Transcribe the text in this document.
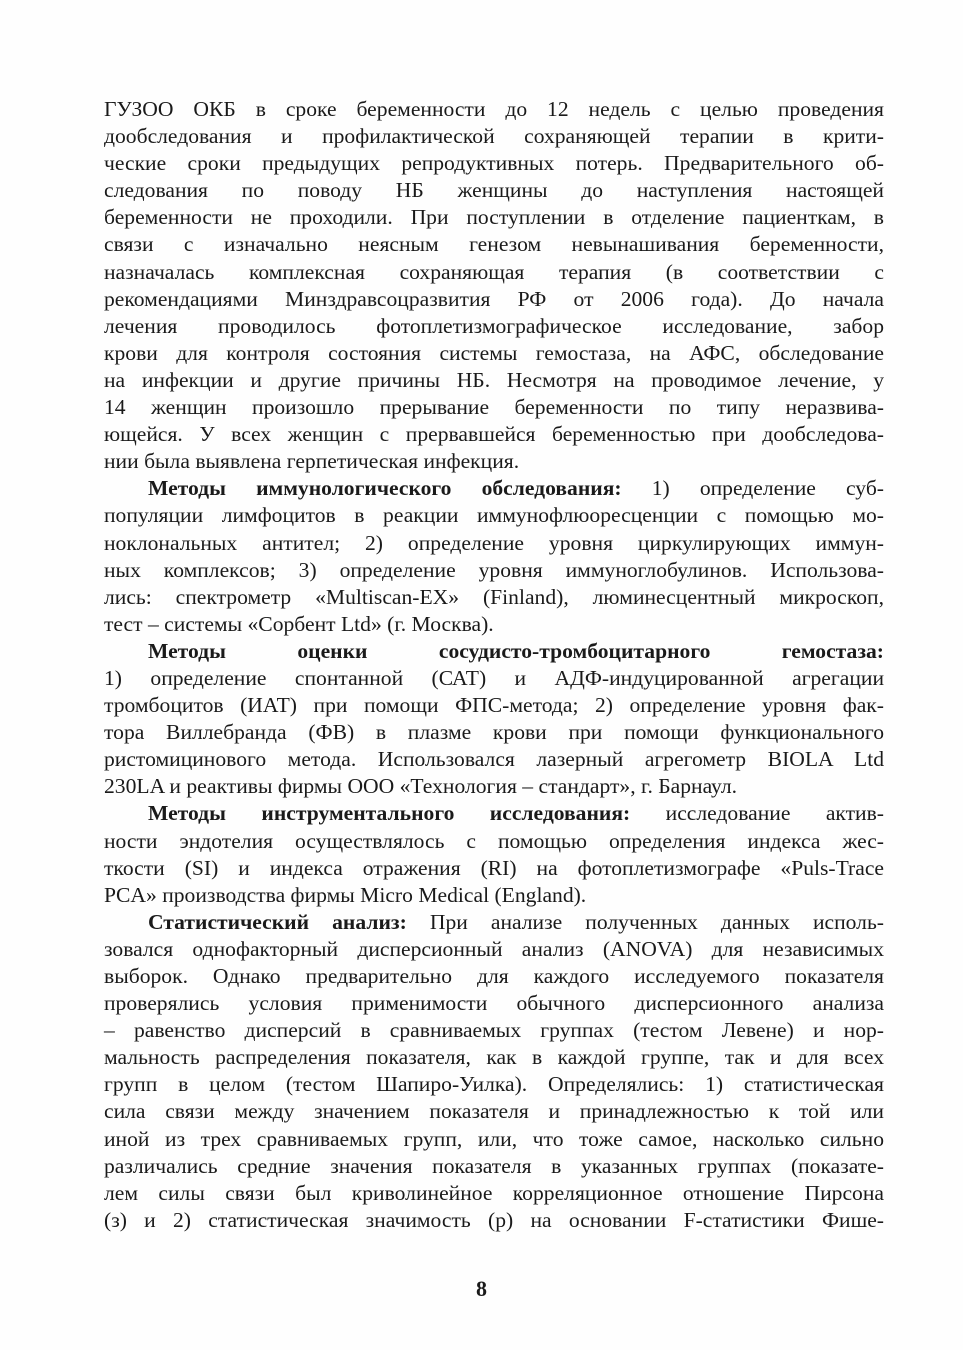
ГУЗОО ОКБ в сроке беременности до 12 недель с целью проведения
дообследования и профилактической сохраняющей терапии в крити-
ческие сроки предыдущих репродуктивных потерь. Предварительного об-
следования по поводу НБ женщины до наступления настоящей
беременности не проходили. При поступлении в отделение пациенткам, в
связи с изначально неясным генезом невынашивания беременности,
назначалась комплексная сохраняющая терапия (в соответствии с
рекомендациями Минздравсоцразвития РФ от 2006 года). До начала
лечения проводилось фотоплетизмографическое исследование, забор
крови для контроля состояния системы гемостаза, на АФС, обследование
на инфекции и другие причины НБ. Несмотря на проводимое лечение, у
14 женщин произошло прерывание беременности по типу неразвива-
ющейся. У всех женщин с прервавшейся беременностью при дообследова-
нии была выявлена герпетическая инфекция.
Методы иммунологического обследования: 1) определение суб-
популяции лимфоцитов в реакции иммунофлюоресценции с помощью мо-
ноклональных антител; 2) определение уровня циркулирующих иммун-
ных комплексов; 3) определение уровня иммуноглобулинов. Использова-
лись: спектрометр «Multiscan-EX» (Finland), люминесцентный микроскоп,
тест – системы «Сорбент Ltd» (г. Москва).
Методы оценки сосудисто-тромбоцитарного гемостаза:
1) определение спонтанной (САТ) и АДФ-индуцированной агрегации
тромбоцитов (ИАТ) при помощи ФПС-метода; 2) определение уровня фак-
тора Виллебранда (ФВ) в плазме крови при помощи функционального
ристомицинового метода. Использовался лазерный агрегометр BIOLA Ltd
230LA и реактивы фирмы ООО «Технология – стандарт», г. Барнаул.
Методы инструментального исследования: исследование актив-
ности эндотелия осуществлялось с помощью определения индекса жес-
ткости (SI) и индекса отражения (RI) на фотоплетизмографе «Puls-Trace
PCA» производства фирмы Micro Medical (England).
Статистический анализ: При анализе полученных данных исполь-
зовался однофакторный дисперсионный анализ (ANOVA) для независимых
выборок. Однако предварительно для каждого исследуемого показателя
проверялись условия применимости обычного дисперсионного анализа
– равенство дисперсий в сравниваемых группах (тестом Левене) и нор-
мальность распределения показателя, как в каждой группе, так и для всех
групп в целом (тестом Шапиро-Уилка). Определялись: 1) статистическая
сила связи между значением показателя и принадлежностью к той или
иной из трех сравниваемых групп, или, что тоже самое, насколько сильно
различались средние значения показателя в указанных группах (показате-
лем силы связи был криволинейное корреляционное отношение Пирсона
(з) и 2) статистическая значимость (р) на основании F-статистики Фише-
8
